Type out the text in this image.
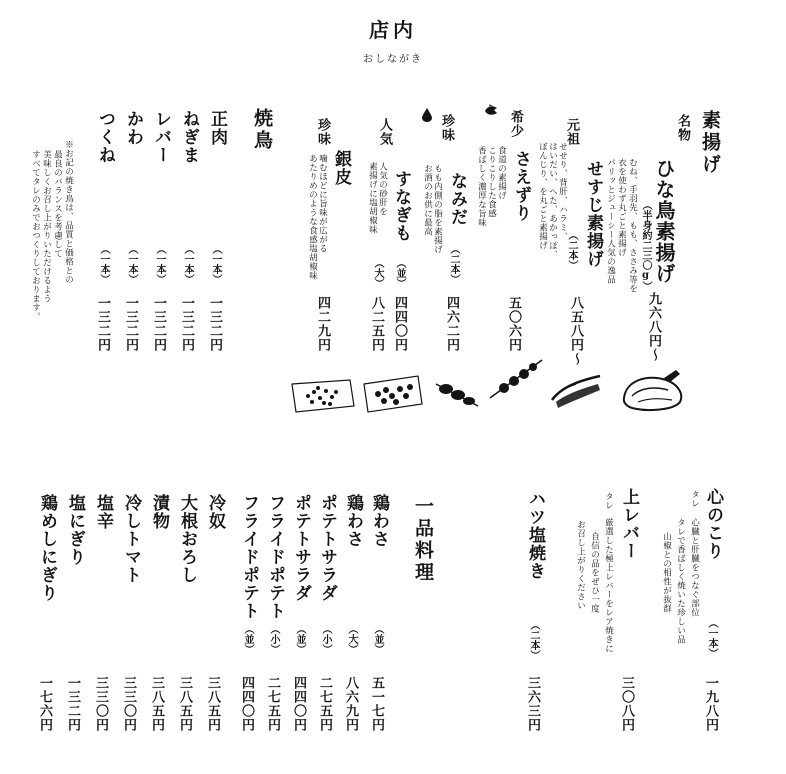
店内
おしながき
素揚げ
名物
ひな鳥素揚げ
（半身約二三〇g）
むね、手羽先、もも、ささみ等を
衣を使わず丸ごと素揚げ
パリッとジューシー人気の逸品
九六八円～
元祖
せすじ素揚げ
（二本）
せせり、背肝、ハラミ、
はいだい、へた、あかっぽ、
ぼんじり、を丸ごと素揚げ
八五八円～
希少
さえずり
食道の素揚げ
こりこりした食感
香ばしく濃厚な旨味
五〇六円
珍味
なみだ
（二本）
もも内側の脂を素揚げ
お酒のお供に最高
四六二円
人気
すなぎも
人気の砂肝を
素揚げに塩胡椒味
（並）
（大）
四四〇円
八二五円
珍味
銀皮
噛むほどに旨味が広がる
あたりめのような食感塩胡椒味
四二九円
焼鳥
正肉
（一本）
一三二円
ねぎま
（一本）
一三二円
レバー
（一本）
一三二円
かわ
（一本）
一三二円
つくね
（一本）
一三二円
※お記の焼き鳥は、品質と価格との
最良のバランスを考慮して
美味しくお召し上がりいただけるよう
すべてタレのみでおつくりしております。
心のこり
タレ
心臓と肝臓をつなぐ部位
タレで香ばしく焼いた珍しい品
山椒との相性が抜群
（一本）
一九八円
上レバー
タレ
厳選した極上レバーをレア焼きに
自信の品をぜひ一度
お召し上がりください
三〇八円
ハツ塩焼き
（二本）
三六三円
一品料理
鶏わさ
（並）
五一七円
鶏わさ
（大）
八六九円
ポテトサラダ
（小）
二七五円
ポテトサラダ
（並）
四四〇円
フライドポテト
（小）
二七五円
フライドポテト
（並）
四四〇円
冷奴
三八五円
大根おろし
三八五円
漬物
三八五円
冷しトマト
三三〇円
塩辛
三三〇円
塩にぎり
一三二円
鶏めしにぎり
一七六円
